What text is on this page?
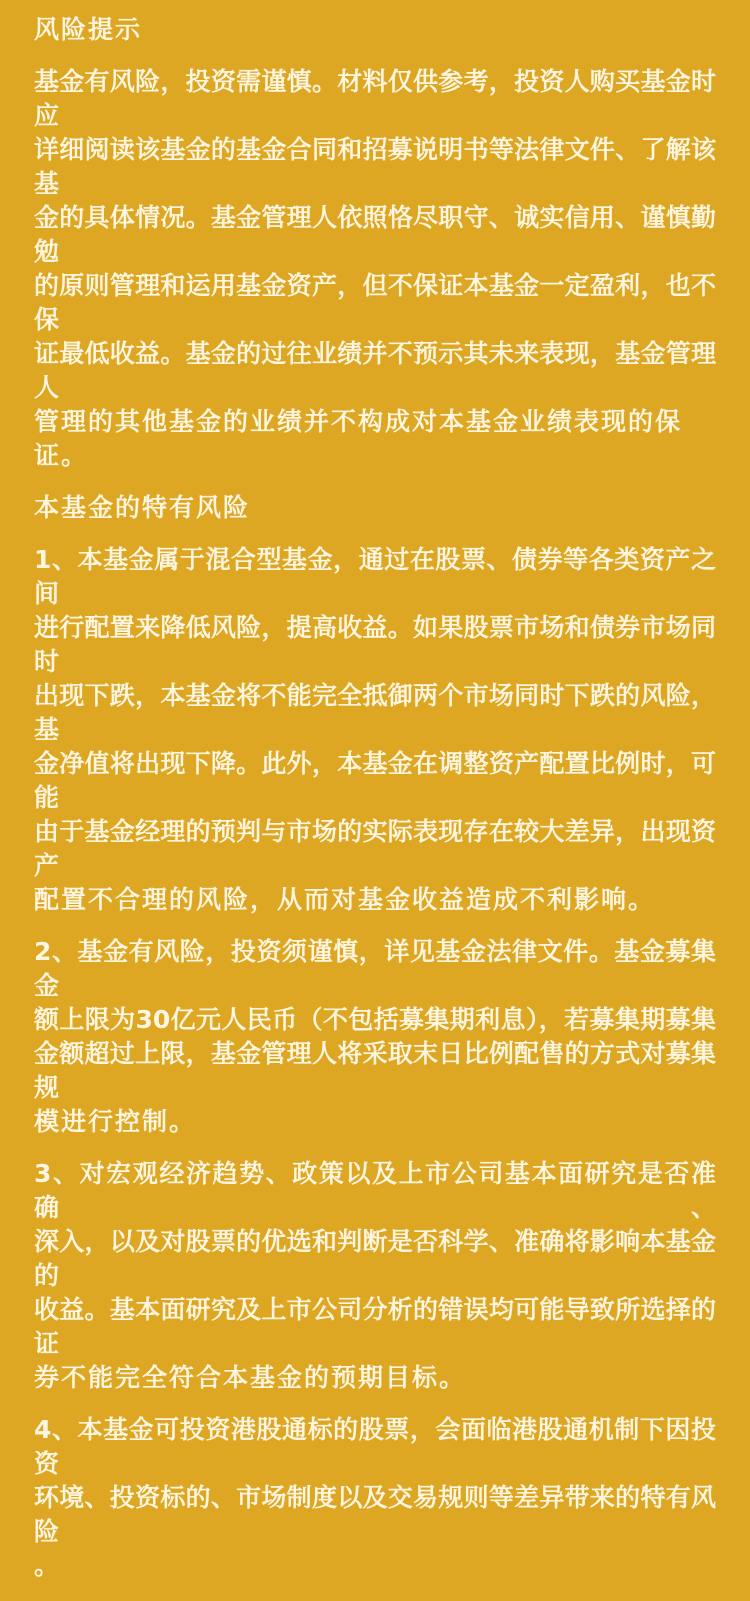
风险提示
基金有风险，投资需谨慎。材料仅供参考，投资人购买基金时应
详细阅读该基金的基金合同和招募说明书等法律文件、了解该基
金的具体情况。基金管理人依照恪尽职守、诚实信用、谨慎勤勉
的原则管理和运用基金资产，但不保证本基金一定盈利，也不保
证最低收益。基金的过往业绩并不预示其未来表现，基金管理人
管理的其他基金的业绩并不构成对本基金业绩表现的保证。
本基金的特有风险
1、本基金属于混合型基金，通过在股票、债券等各类资产之间
进行配置来降低风险，提高收益。如果股票市场和债券市场同时
出现下跌，本基金将不能完全抵御两个市场同时下跌的风险，基
金净值将出现下降。此外，本基金在调整资产配置比例时，可能
由于基金经理的预判与市场的实际表现存在较大差异，出现资产
配置不合理的风险，从而对基金收益造成不利影响。
2、基金有风险，投资须谨慎，详见基金法律文件。基金募集金
额上限为30亿元人民币（不包括募集期利息），若募集期募集
金额超过上限，基金管理人将采取末日比例配售的方式对募集规
模进行控制。
3、对宏观经济趋势、政策以及上市公司基本面研究是否准确、
深入，以及对股票的优选和判断是否科学、准确将影响本基金的
收益。基本面研究及上市公司分析的错误均可能导致所选择的证
券不能完全符合本基金的预期目标。
4、本基金可投资港股通标的股票，会面临港股通机制下因投资
环境、投资标的、市场制度以及交易规则等差异带来的特有风险
。
